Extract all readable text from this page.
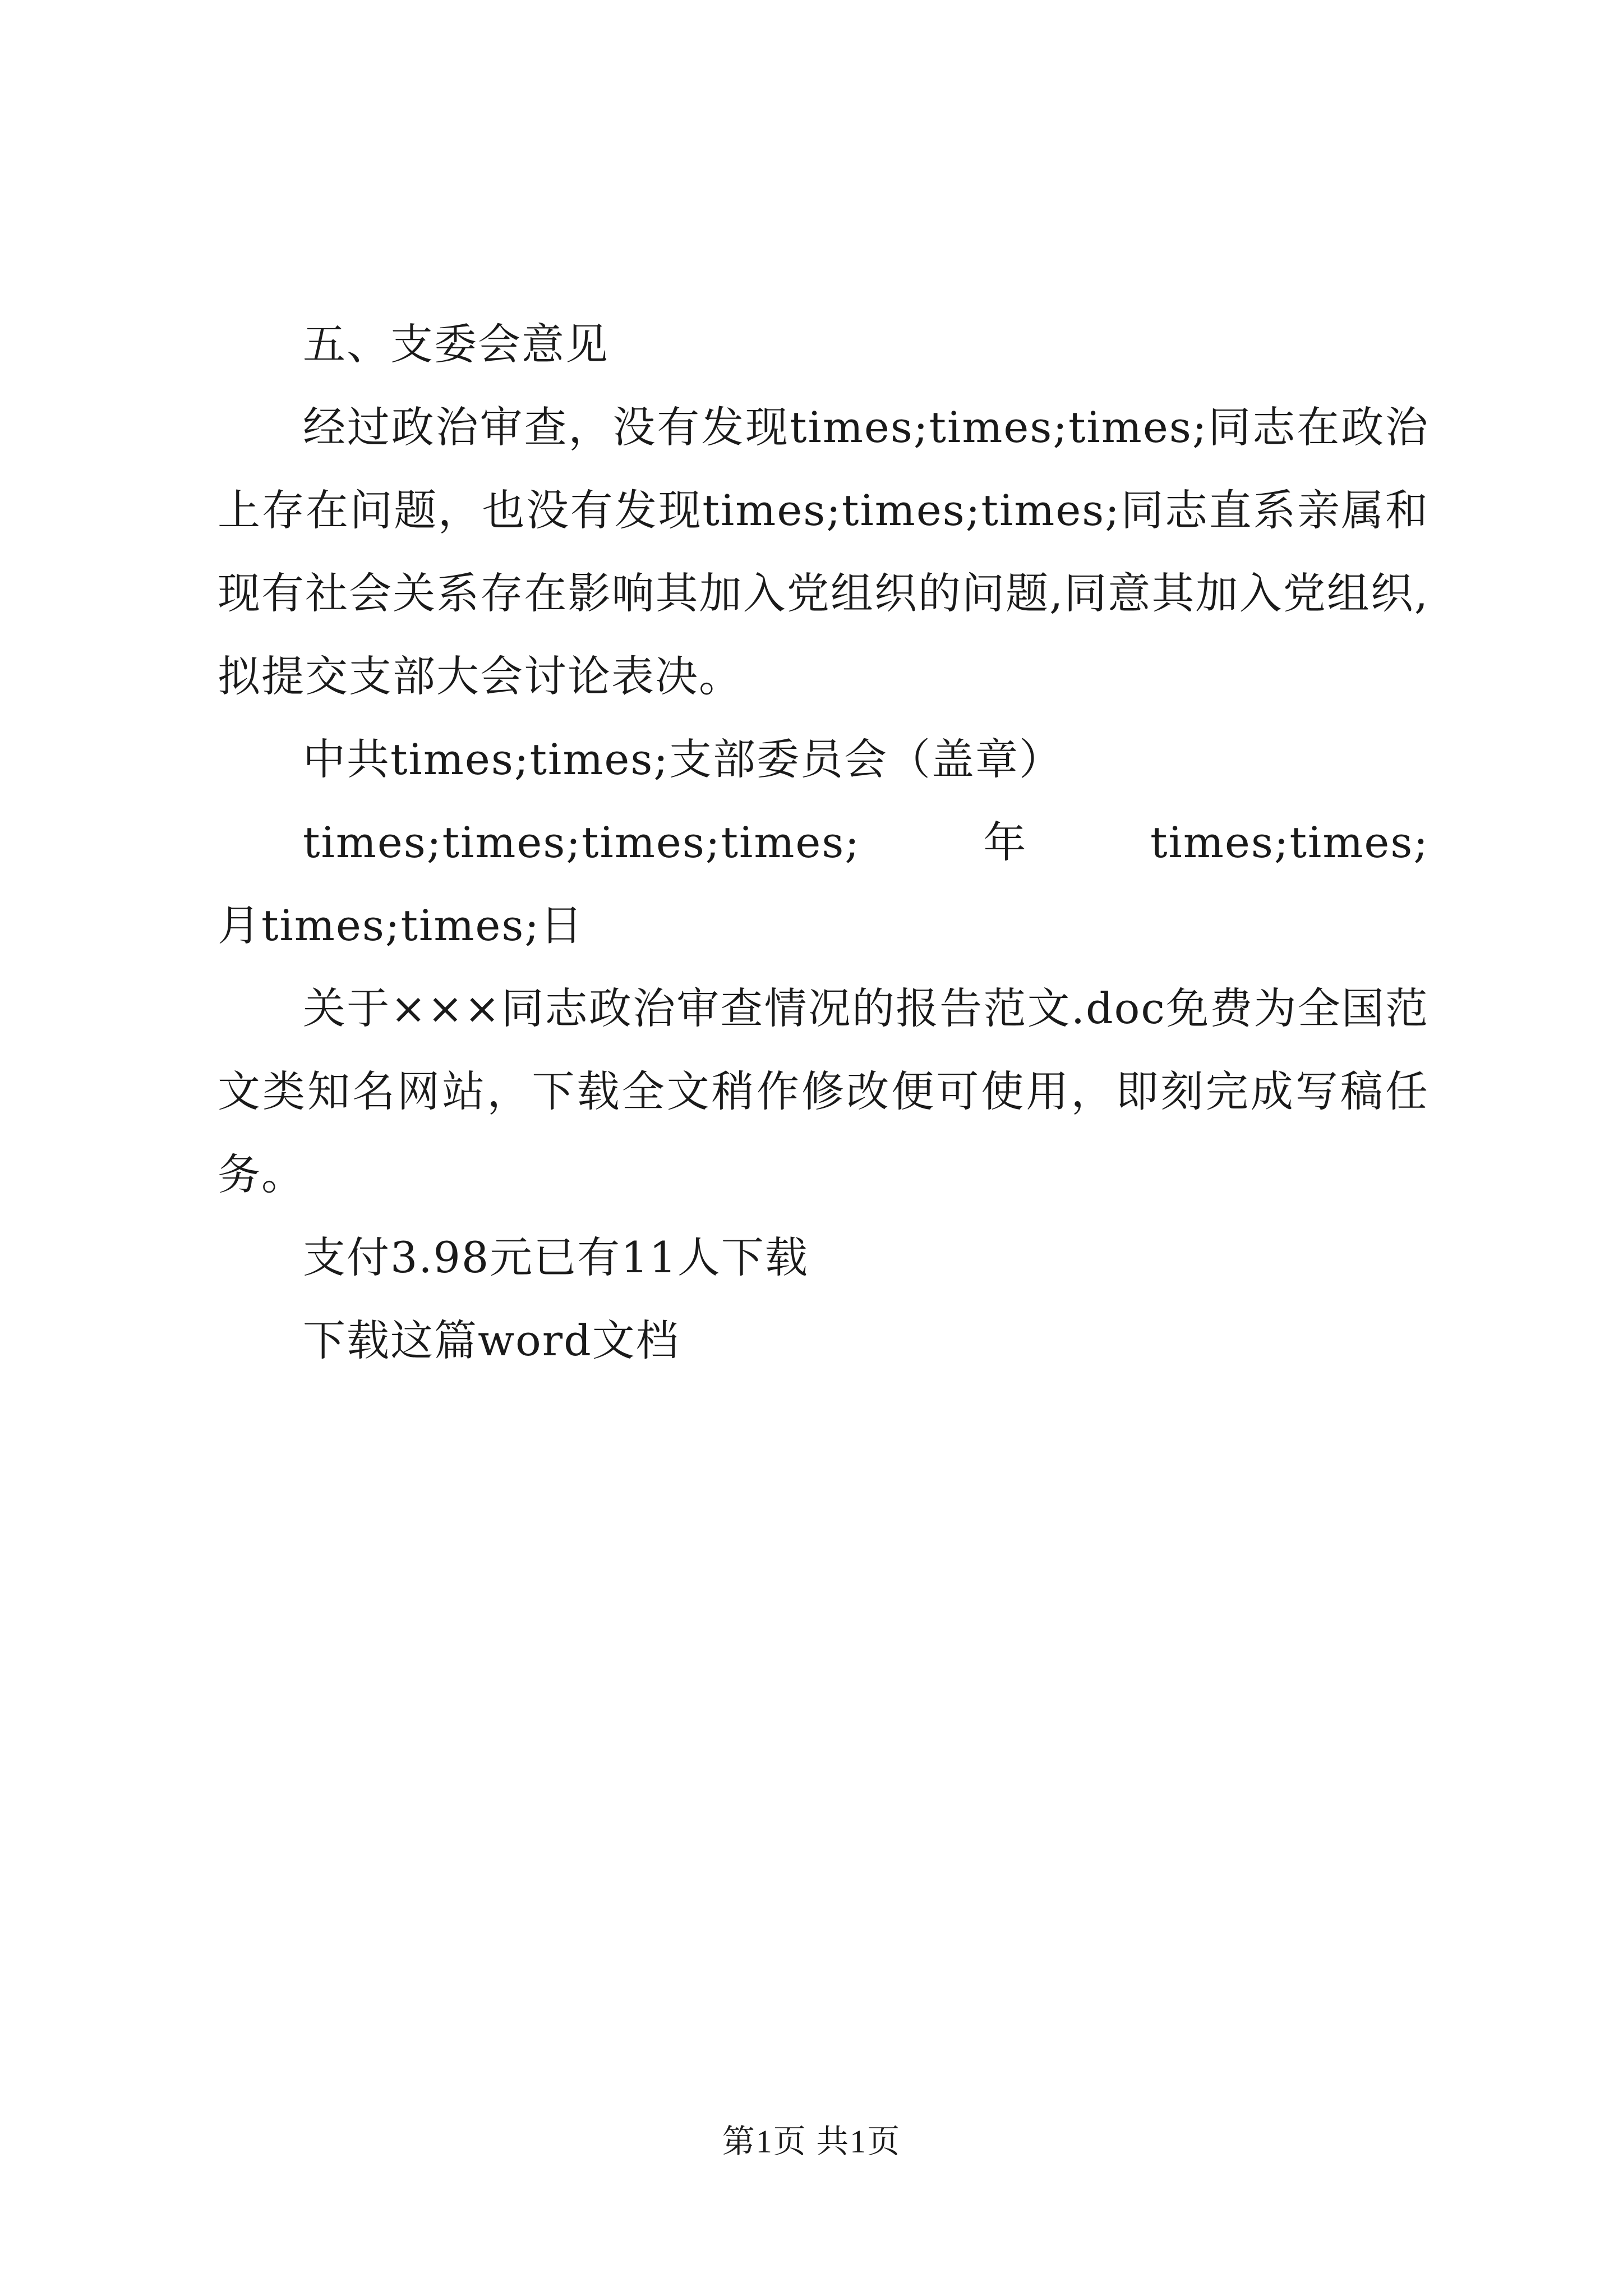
五、支委会意见

经过政治审查，没有发现times;times;times;同志在政治上存在问题，也没有发现times;times;times;同志直系亲属和现有社会关系存在影响其加入党组织的问题,同意其加入党组织,拟提交支部大会讨论表决。

中共times;times;支部委员会（盖章）

times;times;times;times;　　年　　times;times;　　月times;times;日

关于×××同志政治审查情况的报告范文.doc免费为全国范文类知名网站，下载全文稍作修改便可使用，即刻完成写稿任务。

支付3.98元已有11人下载

下载这篇word文档

第1页 共1页
